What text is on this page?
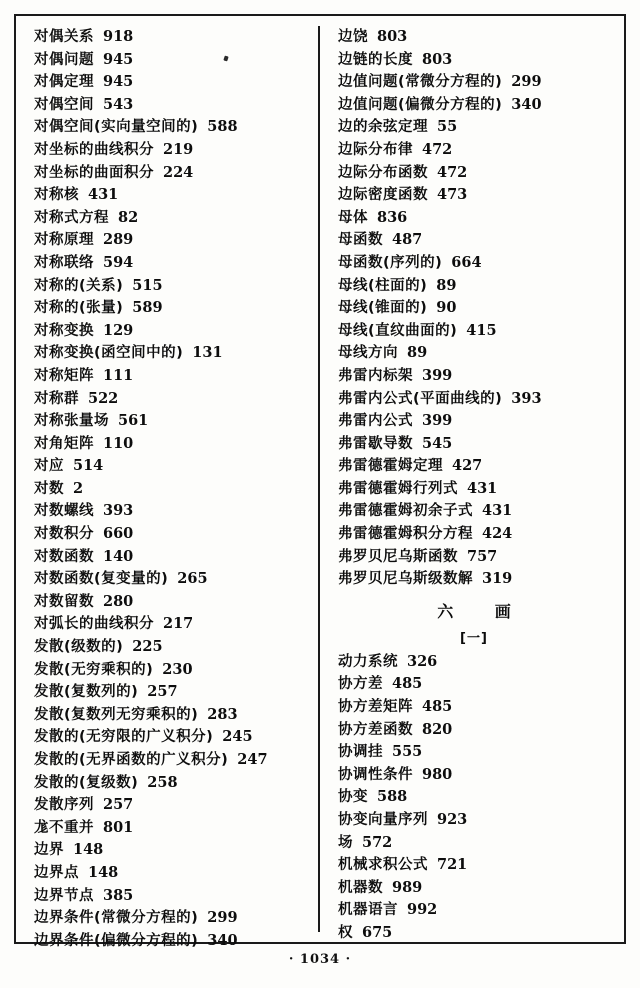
对偶关系 918
对偶问题 945
对偶定理 945
对偶空间 543
对偶空间(实向量空间的) 588
对坐标的曲线积分 219
对坐标的曲面积分 224
对称核 431
对称式方程 82
对称原理 289
对称联络 594
对称的(关系) 515
对称的(张量) 589
对称变换 129
对称变换(函空间中的) 131
对称矩阵 111
对称群 522
对称张量场 561
对角矩阵 110
对应 514
对数 2
对数螺线 393
对数积分 660
对数函数 140
对数函数(复变量的) 265
对数留数 280
对弧长的曲线积分 217
发散(级数的) 225
发散(无穷乘积的) 230
发散(复数列的) 257
发散(复数列无穷乘积的) 283
发散的(无穷限的广义积分) 245
发散的(无界函数的广义积分) 247
发散的(复级数) 258
发散序列 257
尨不重并 801
边界 148
边界点 148
边界节点 385
边界条件(常微分方程的) 299
边界条件(偏微分方程的) 340
边饶 803
边链的长度 803
边值问题(常微分方程的) 299
边值问题(偏微分方程的) 340
边的余弦定理 55
边际分布律 472
边际分布函数 472
边际密度函数 473
母体 836
母函数 487
母函数(序列的) 664
母线(柱面的) 89
母线(锥面的) 90
母线(直纹曲面的) 415
母线方向 89
弗雷内标架 399
弗雷内公式(平面曲线的) 393
弗雷内公式 399
弗雷歇导数 545
弗雷德霍姆定理 427
弗雷德霍姆行列式 431
弗雷德霍姆初余子式 431
弗雷德霍姆积分方程 424
弗罗贝尼乌斯函数 757
弗罗贝尼乌斯级数解 319
六 画
[一]
动力系统 326
协方差 485
协方差矩阵 485
协方差函数 820
协调挂 555
协调性条件 980
协变 588
协变向量序列 923
场 572
机械求积公式 721
机器数 989
机器语言 992
权 675
· 1034 ·
